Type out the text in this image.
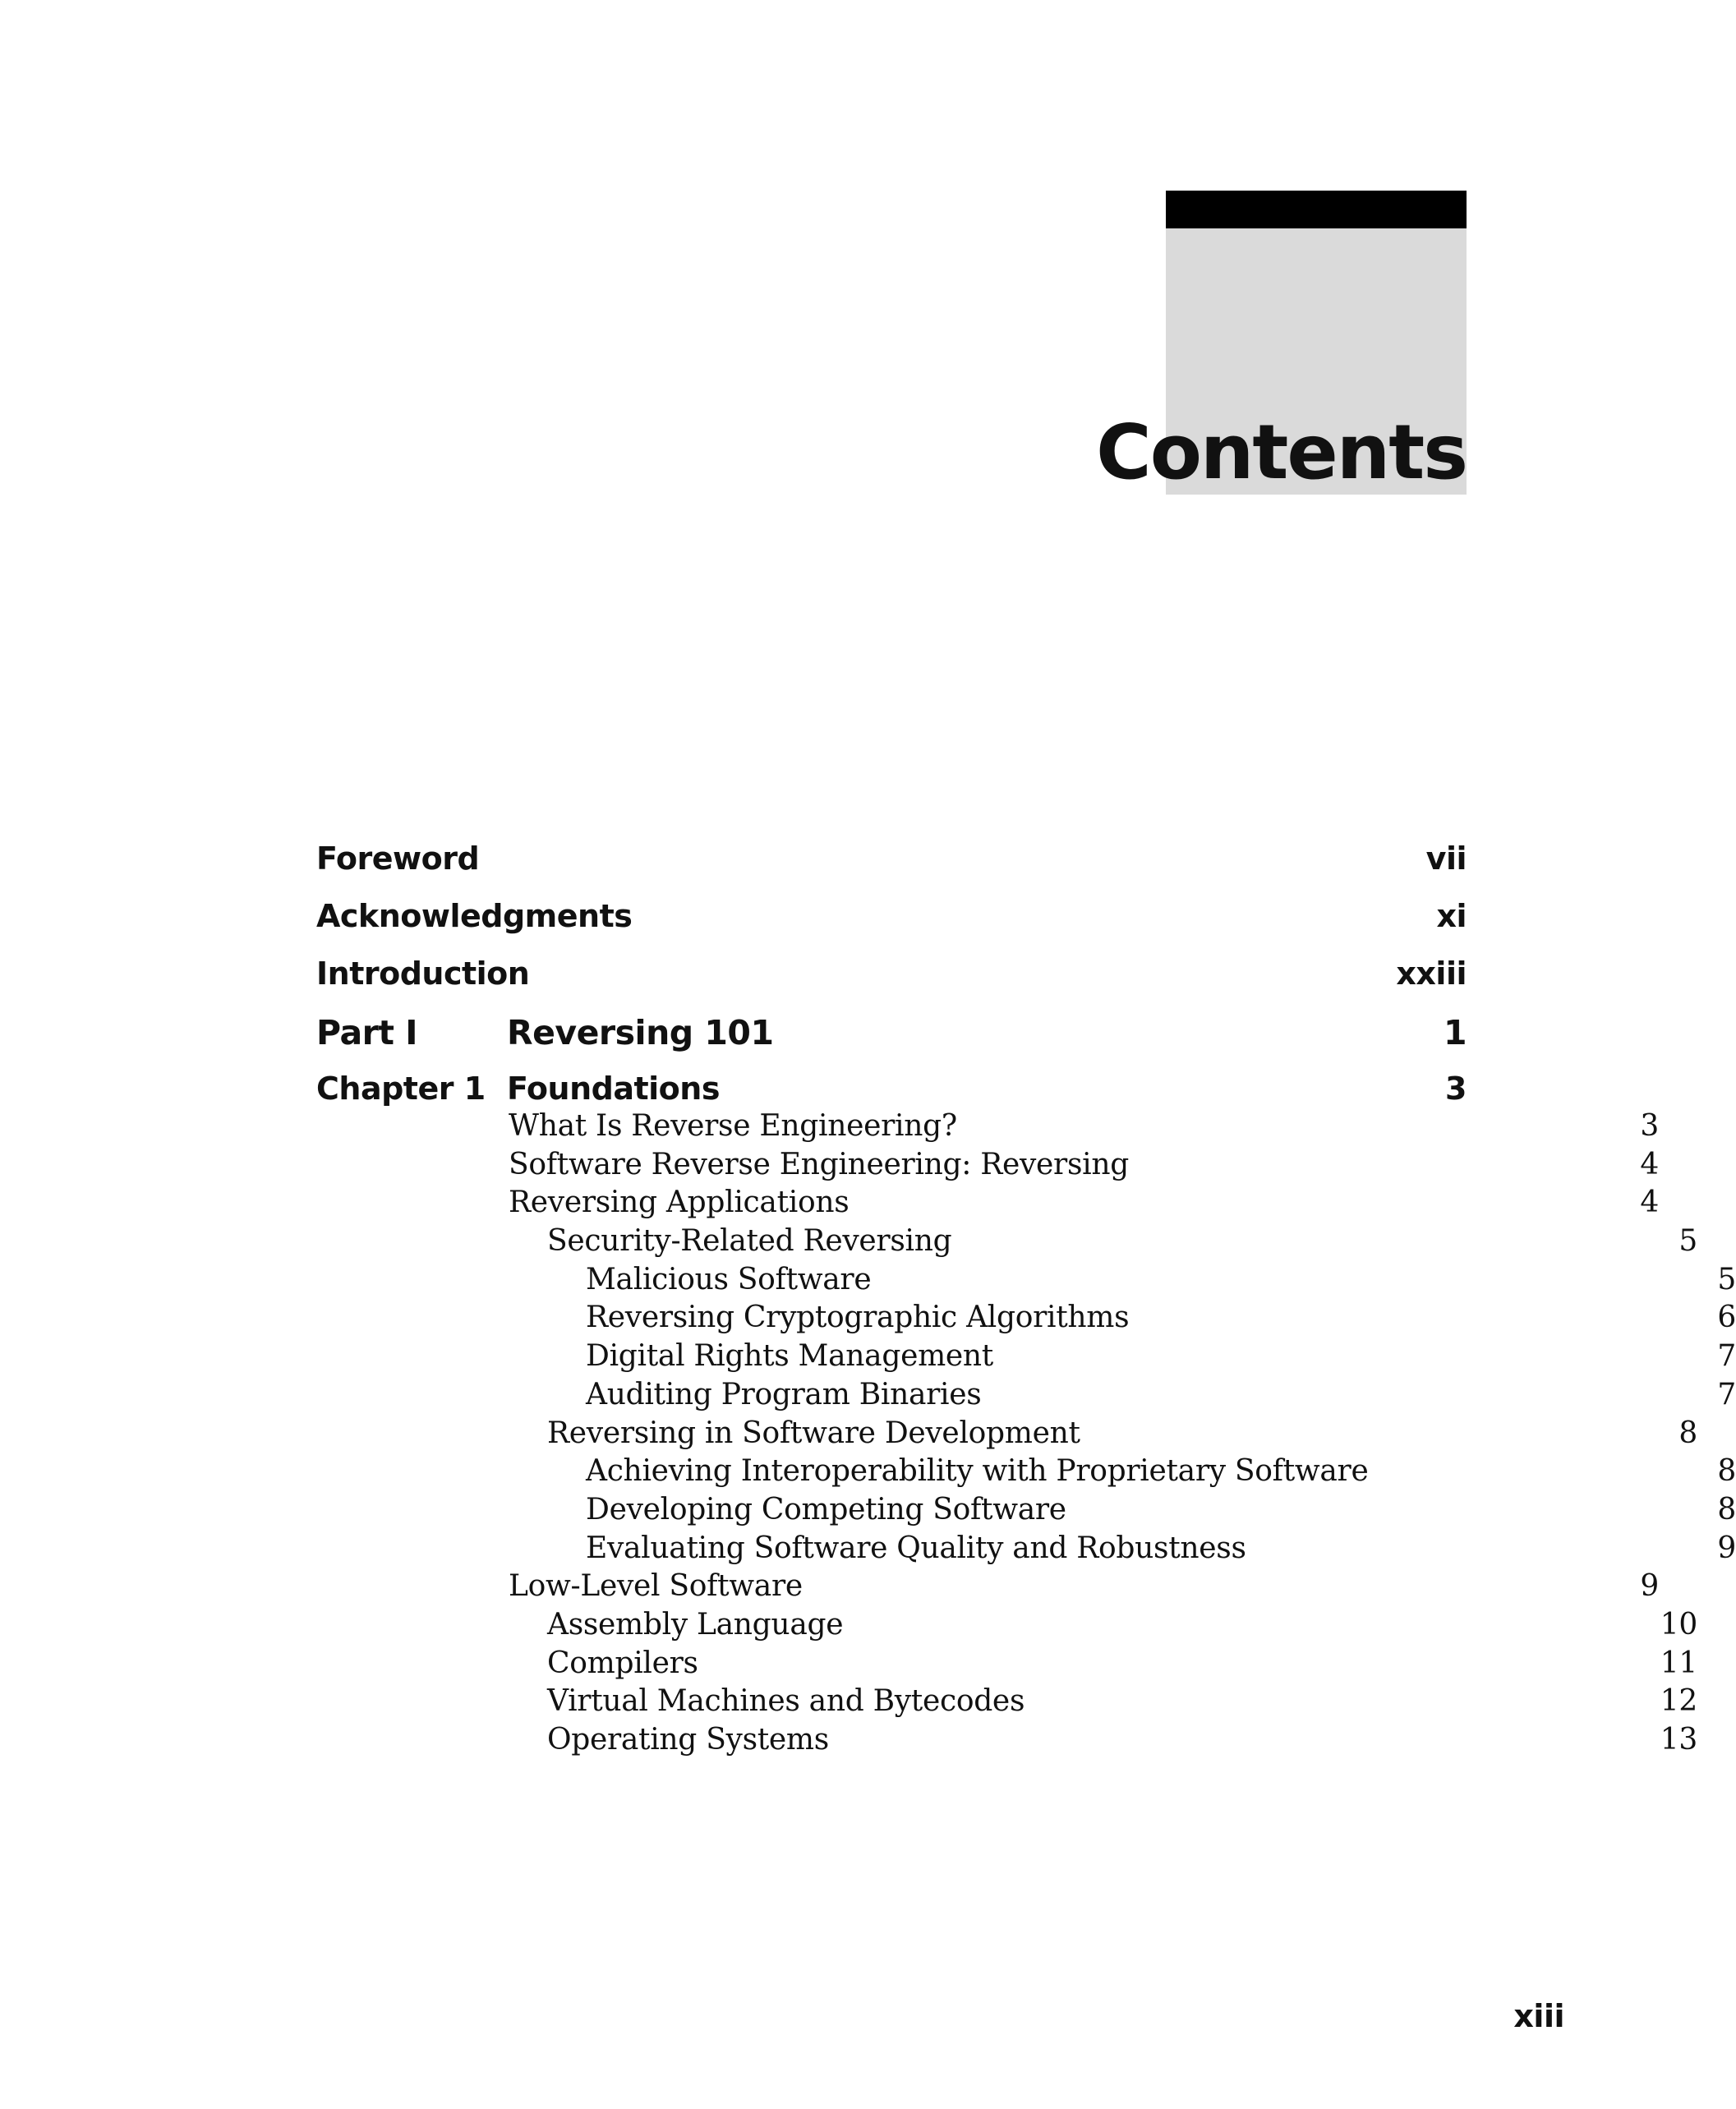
Contents
Foreword	vii
Acknowledgments	xi
Introduction	xxiii
Part I	Reversing 101	1
Chapter 1 Foundations	3
What Is Reverse Engineering?	3
Software Reverse Engineering: Reversing	4
Reversing Applications	4
Security-Related Reversing	5
Malicious Software	5
Reversing Cryptographic Algorithms	6
Digital Rights Management	7
Auditing Program Binaries	7
Reversing in Software Development	8
Achieving Interoperability with Proprietary Software	8
Developing Competing Software	8
Evaluating Software Quality and Robustness	9
Low-Level Software	9
Assembly Language	10
Compilers	11
Virtual Machines and Bytecodes	12
Operating Systems	13
xiii
